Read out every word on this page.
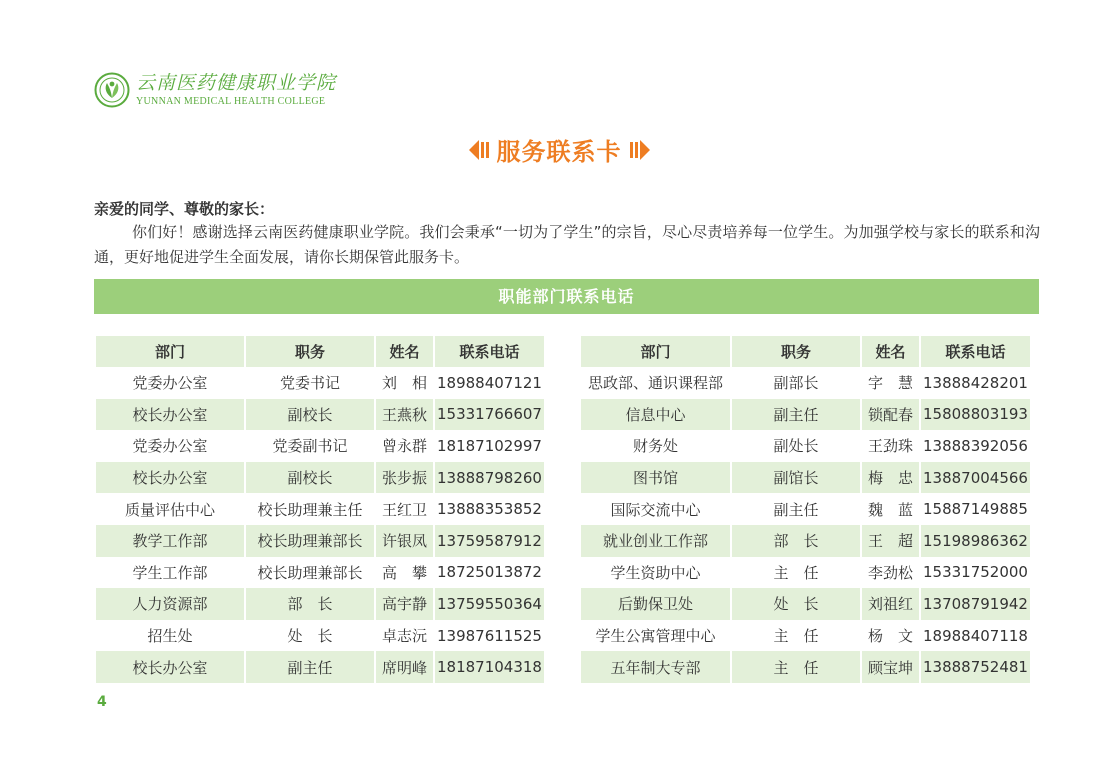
云南医药健康职业学院
YUNNAN MEDICAL HEALTH COLLEGE
服务联系卡
亲爱的同学、尊敬的家长：
你们好！感谢选择云南医药健康职业学院。我们会秉承“一切为了学生”的宗旨，尽心尽责培养每一位学生。为加强学校与家长的联系和沟通，更好地促进学生全面发展，请你长期保管此服务卡。
职能部门联系电话
部门	职务	姓名	联系电话
党委办公室	党委书记	刘　相	18988407121
校长办公室	副校长	王燕秋	15331766607
党委办公室	党委副书记	曾永群	18187102997
校长办公室	副校长	张步振	13888798260
质量评估中心	校长助理兼主任	王红卫	13888353852
教学工作部	校长助理兼部长	许银凤	13759587912
学生工作部	校长助理兼部长	高　攀	18725013872
人力资源部	部　长	高宇静	13759550364
招生处	处　长	卓志沅	13987611525
校长办公室	副主任	席明峰	18187104318
部门	职务	姓名	联系电话
思政部、通识课程部	副部长	字　慧	13888428201
信息中心	副主任	锁配春	15808803193
财务处	副处长	王劲珠	13888392056
图书馆	副馆长	梅　忠	13887004566
国际交流中心	副主任	魏　蓝	15887149885
就业创业工作部	部　长	王　超	15198986362
学生资助中心	主　任	李劲松	15331752000
后勤保卫处	处　长	刘祖红	13708791942
学生公寓管理中心	主　任	杨　文	18988407118
五年制大专部	主　任	顾宝坤	13888752481
4
